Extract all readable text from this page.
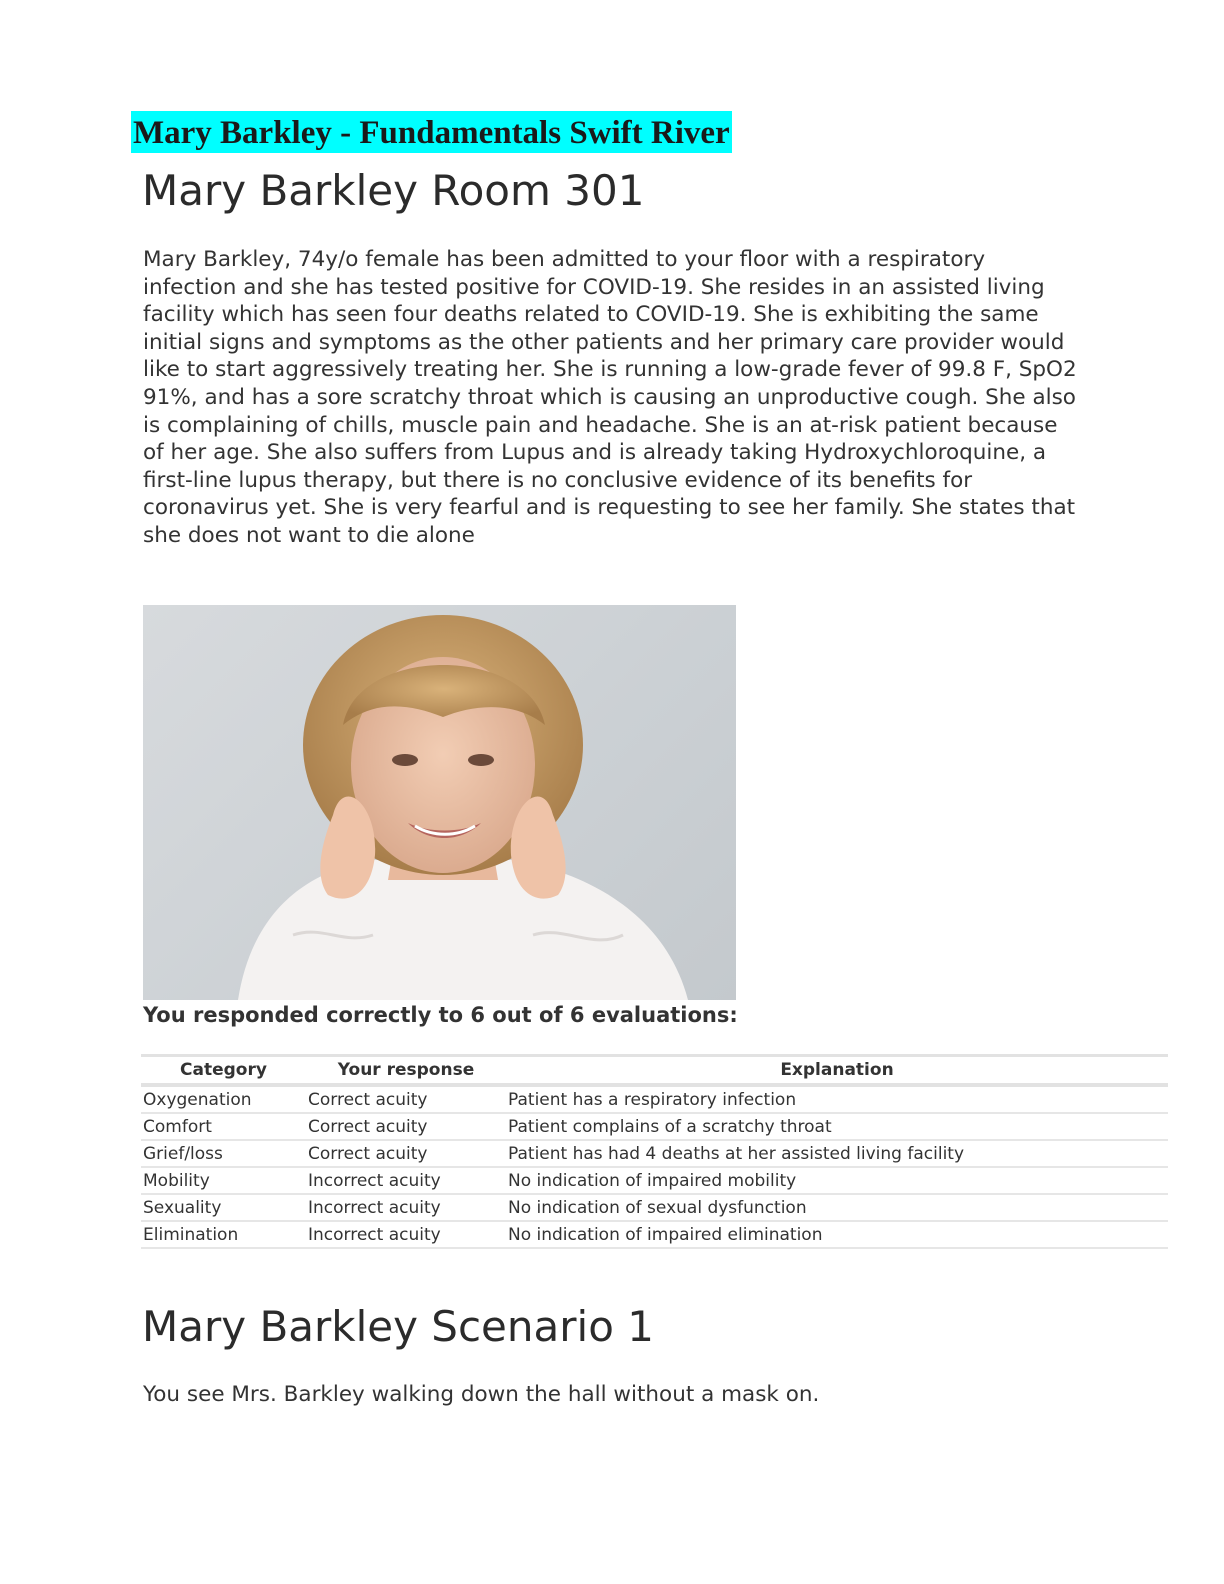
Mary Barkley - Fundamentals Swift River
Mary Barkley Room 301

Mary Barkley, 74y/o female has been admitted to your floor with a respiratory infection and she has tested positive for COVID-19. She resides in an assisted living facility which has seen four deaths related to COVID-19. She is exhibiting the same initial signs and symptoms as the other patients and her primary care provider would like to start aggressively treating her. She is running a low-grade fever of 99.8 F, SpO2 91%, and has a sore scratchy throat which is causing an unproductive cough. She also is complaining of chills, muscle pain and headache. She is an at-risk patient because of her age. She also suffers from Lupus and is already taking Hydroxychloroquine, a first-line lupus therapy, but there is no conclusive evidence of its benefits for coronavirus yet. She is very fearful and is requesting to see her family. She states that she does not want to die alone

You responded correctly to 6 out of 6 evaluations:
Category	Your response	Explanation
Oxygenation	Correct acuity	Patient has a respiratory infection
Comfort	Correct acuity	Patient complains of a scratchy throat
Grief/loss	Correct acuity	Patient has had 4 deaths at her assisted living facility
Mobility	Incorrect acuity	No indication of impaired mobility
Sexuality	Incorrect acuity	No indication of sexual dysfunction
Elimination	Incorrect acuity	No indication of impaired elimination
Mary Barkley Scenario 1

You see Mrs. Barkley walking down the hall without a mask on.
